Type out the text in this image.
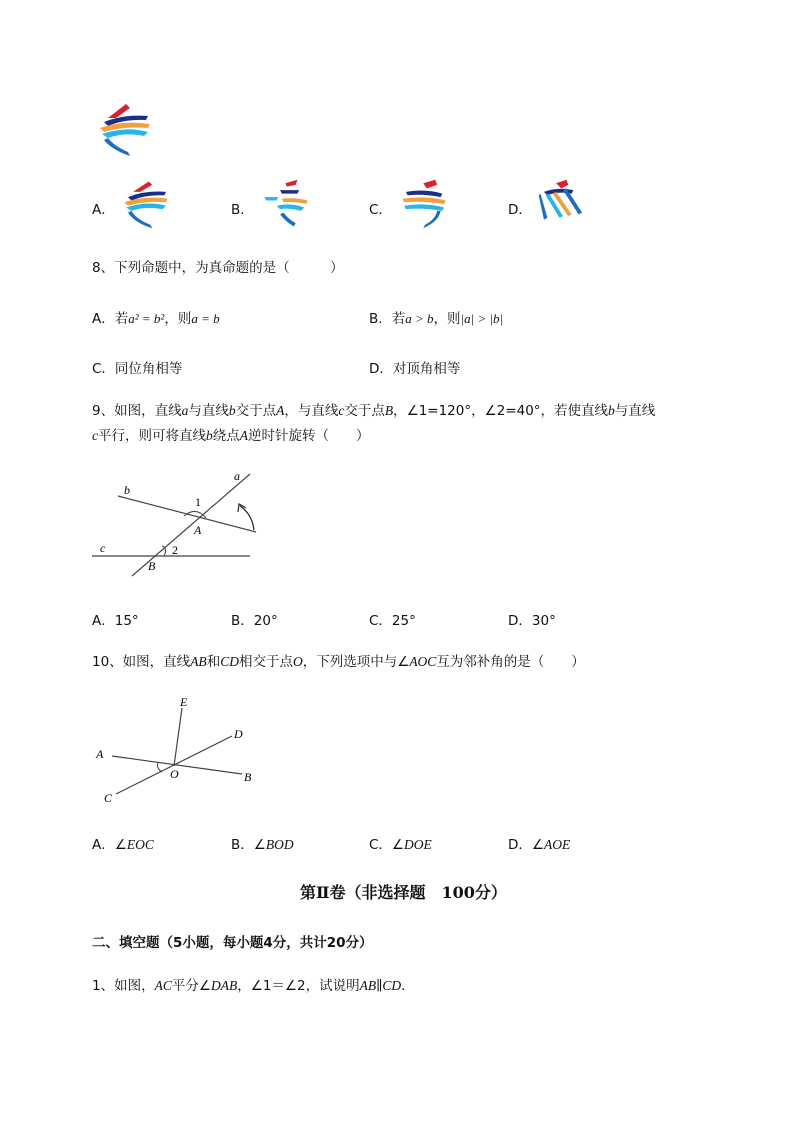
A．	B．	C．	D．
8、下列命题中，为真命题的是（　　　）
A．若a² = b²，则a = b	B．若a > b，则|a| > |b|
C．同位角相等	D．对顶角相等
9、如图，直线a与直线b交于点A，与直线c交于点B，∠1=120°，∠2=40°，若使直线b与直线
c平行，则可将直线b绕点A逆时针旋转（　　）
a
b
c
1
2
A
B
A．15°	B．20°	C．25°	D．30°
10、如图，直线AB和CD相交于点O，下列选项中与∠AOC互为邻补角的是（　　）
E
D
A
O	B
C
A．∠EOC	B．∠BOD	C．∠DOE	D．∠AOE
第Ⅱ卷（非选择题　100分）
二、填空题（5小题，每小题4分，共计20分）
1、如图，AC平分∠DAB，∠1＝∠2，试说明AB∥CD．
